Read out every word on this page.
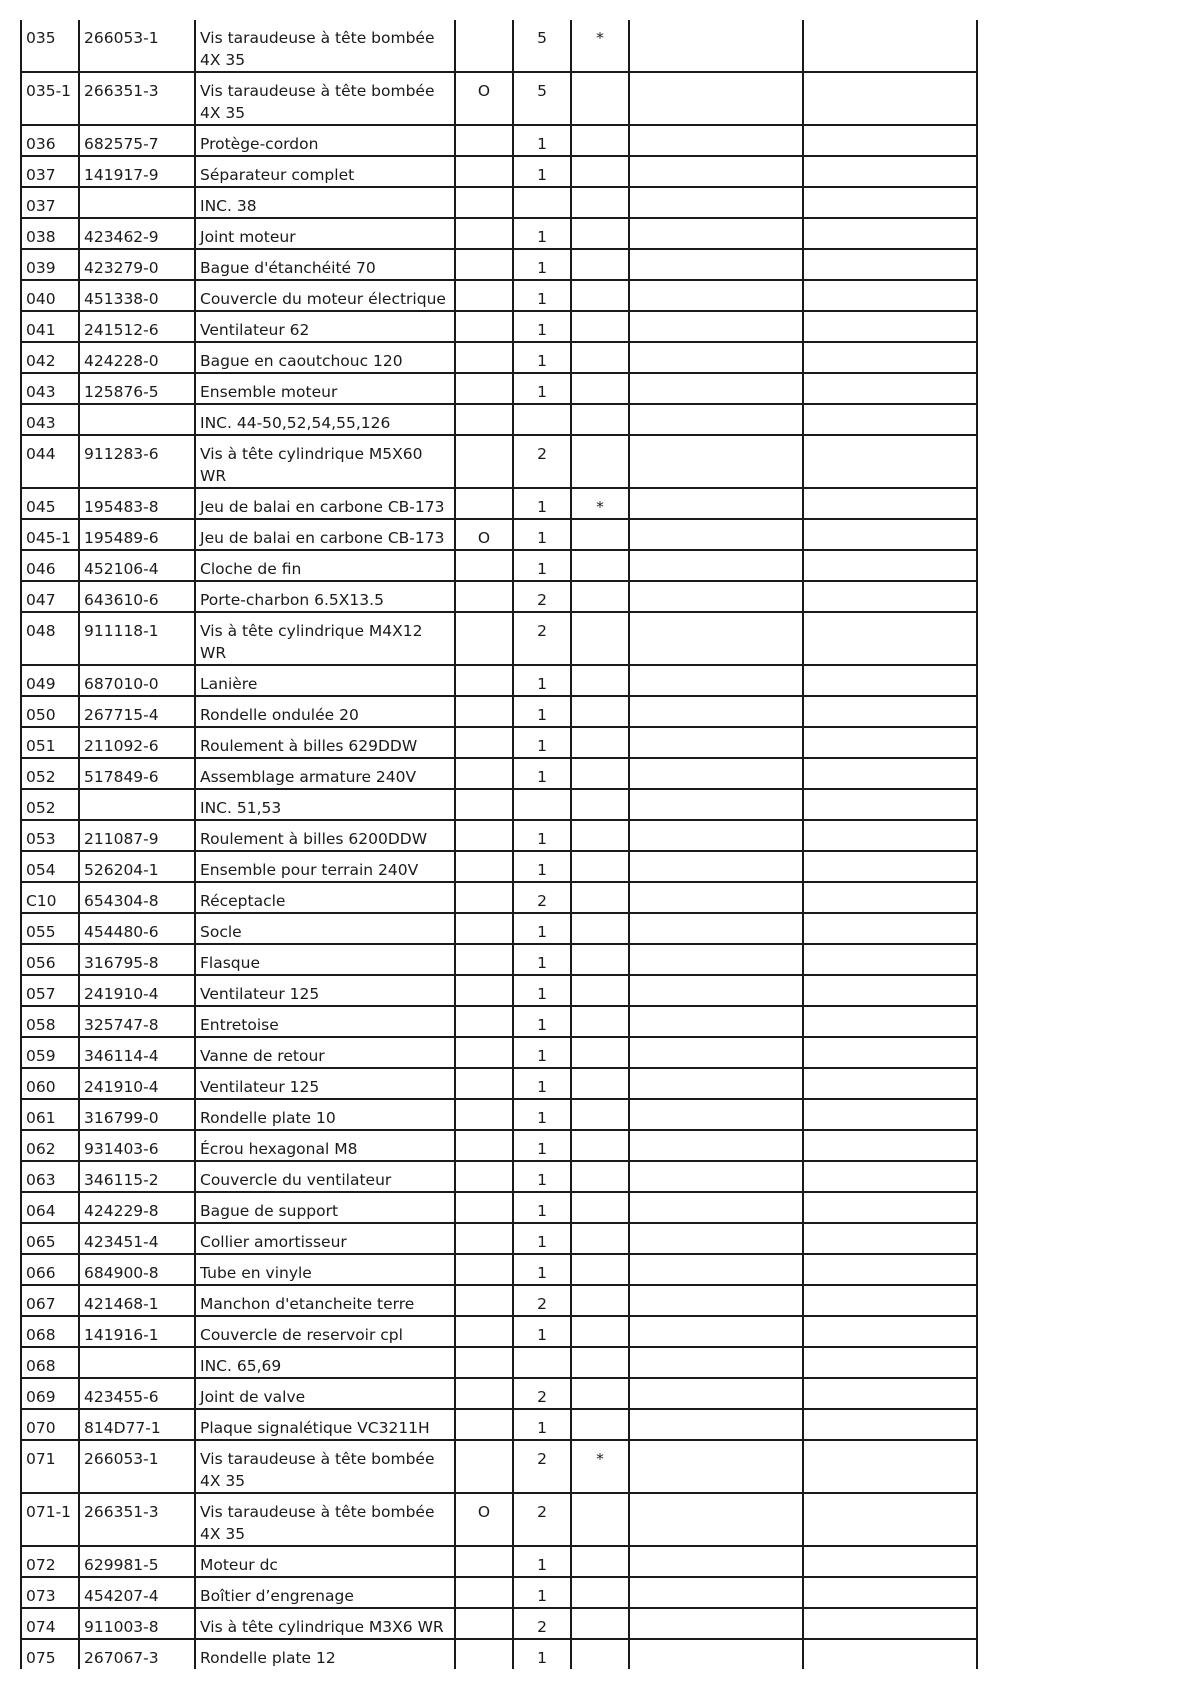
035	266053-1	Vis taraudeuse à tête bombée 4X 35		5	*		
035-1	266351-3	Vis taraudeuse à tête bombée 4X 35	O	5			
036	682575-7	Protège-cordon		1			
037	141917-9	Séparateur complet		1			
037		INC. 38					
038	423462-9	Joint moteur		1			
039	423279-0	Bague d'étanchéité 70		1			
040	451338-0	Couvercle du moteur électrique		1			
041	241512-6	Ventilateur 62		1			
042	424228-0	Bague en caoutchouc 120		1			
043	125876-5	Ensemble moteur		1			
043		INC. 44-50,52,54,55,126					
044	911283-6	Vis à tête cylindrique M5X60 WR		2			
045	195483-8	Jeu de balai en carbone CB-173		1	*		
045-1	195489-6	Jeu de balai en carbone CB-173	O	1			
046	452106-4	Cloche de fin		1			
047	643610-6	Porte-charbon 6.5X13.5		2			
048	911118-1	Vis à tête cylindrique M4X12 WR		2			
049	687010-0	Lanière		1			
050	267715-4	Rondelle ondulée 20		1			
051	211092-6	Roulement à billes 629DDW		1			
052	517849-6	Assemblage armature 240V		1			
052		INC. 51,53					
053	211087-9	Roulement à billes 6200DDW		1			
054	526204-1	Ensemble pour terrain 240V		1			
C10	654304-8	Réceptacle		2			
055	454480-6	Socle		1			
056	316795-8	Flasque		1			
057	241910-4	Ventilateur 125		1			
058	325747-8	Entretoise		1			
059	346114-4	Vanne de retour		1			
060	241910-4	Ventilateur 125		1			
061	316799-0	Rondelle plate 10		1			
062	931403-6	Écrou hexagonal M8		1			
063	346115-2	Couvercle du ventilateur		1			
064	424229-8	Bague de support		1			
065	423451-4	Collier amortisseur		1			
066	684900-8	Tube en vinyle		1			
067	421468-1	Manchon d'etancheite terre		2			
068	141916-1	Couvercle de reservoir cpl		1			
068		INC. 65,69					
069	423455-6	Joint de valve		2			
070	814D77-1	Plaque signalétique VC3211H		1			
071	266053-1	Vis taraudeuse à tête bombée 4X 35		2	*		
071-1	266351-3	Vis taraudeuse à tête bombée 4X 35	O	2			
072	629981-5	Moteur dc		1			
073	454207-4	Boîtier d’engrenage		1			
074	911003-8	Vis à tête cylindrique M3X6 WR		2			
075	267067-3	Rondelle plate 12		1			
